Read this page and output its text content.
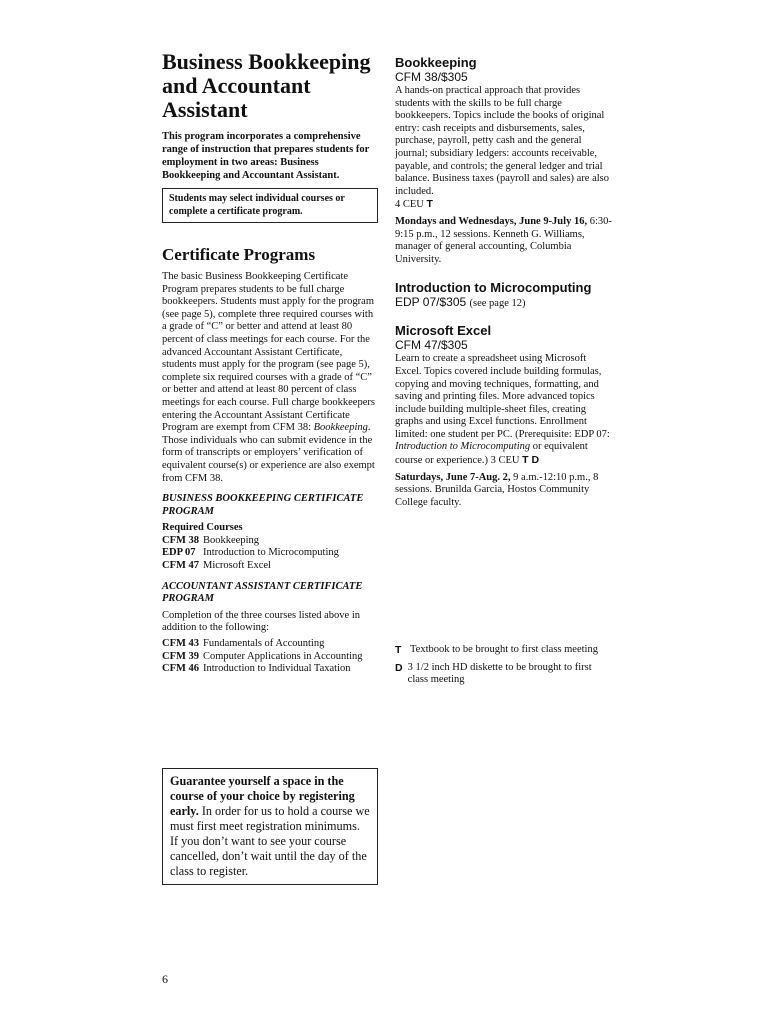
Business Bookkeeping and Accountant Assistant

This program incorporates a comprehensive range of instruction that prepares students for employment in two areas: Business Bookkeeping and Accountant Assistant.

Students may select individual courses or complete a certificate program.
Certificate Programs

The basic Business Bookkeeping Certificate Program prepares students to be full charge bookkeepers. Students must apply for the program (see page 5), complete three required courses with a grade of “C” or better and attend at least 80 percent of class meetings for each course. For the advanced Accountant Assistant Certificate, students must apply for the program (see page 5), complete six required courses with a grade of “C” or better and attend at least 80 percent of class meetings for each course. Full charge bookkeepers entering the Accountant Assistant Certificate Program are exempt from CFM 38: Bookkeeping. Those individuals who can submit evidence in the form of transcripts or employers’ verification of equivalent course(s) or experience are also exempt from CFM 38.

BUSINESS BOOKKEEPING CERTIFICATE PROGRAM

Required Courses

CFM 38	Bookkeeping
EDP 07	Introduction to Microcomputing
CFM 47	Microsoft Excel

ACCOUNTANT ASSISTANT CERTIFICATE PROGRAM

Completion of the three courses listed above in addition to the following:

CFM 43	Fundamentals of Accounting
CFM 39	Computer Applications in Accounting
CFM 46	Introduction to Individual Taxation

Bookkeeping

CFM 38/$305

A hands-on practical approach that provides students with the skills to be full charge bookkeepers. Topics include the books of original entry: cash receipts and disbursements, sales, purchase, payroll, petty cash and the general journal; subsidiary ledgers: accounts receivable, payable, and controls; the general ledger and trial balance. Business taxes (payroll and sales) are also included.

4 CEU T

Mondays and Wednesdays, June 9-July 16, 6:30-9:15 p.m., 12 sessions. Kenneth G. Williams, manager of general accounting, Columbia University.

Introduction to Microcomputing

EDP 07/$305 (see page 12)

Microsoft Excel

CFM 47/$305

Learn to create a spreadsheet using Microsoft Excel. Topics covered include building formulas, copying and moving techniques, formatting, and saving and printing files. More advanced topics include building multiple-sheet files, creating graphs and using Excel functions. Enrollment limited: one student per PC. (Prerequisite: EDP 07: Introduction to Microcomputing or equivalent course or experience.) 3 CEU T D

Saturdays, June 7-Aug. 2, 9 a.m.-12:10 p.m., 8 sessions. Brunilda Garcia, Hostos Community College faculty.

T Textbook to be brought to first class meeting
D 3 1/2 inch HD diskette to be brought to first class meeting
Guarantee yourself a space in the course of your choice by registering early. In order for us to hold a course we must first meet registration minimums. If you don’t want to see your course cancelled, don’t wait until the day of the class to register.
6
